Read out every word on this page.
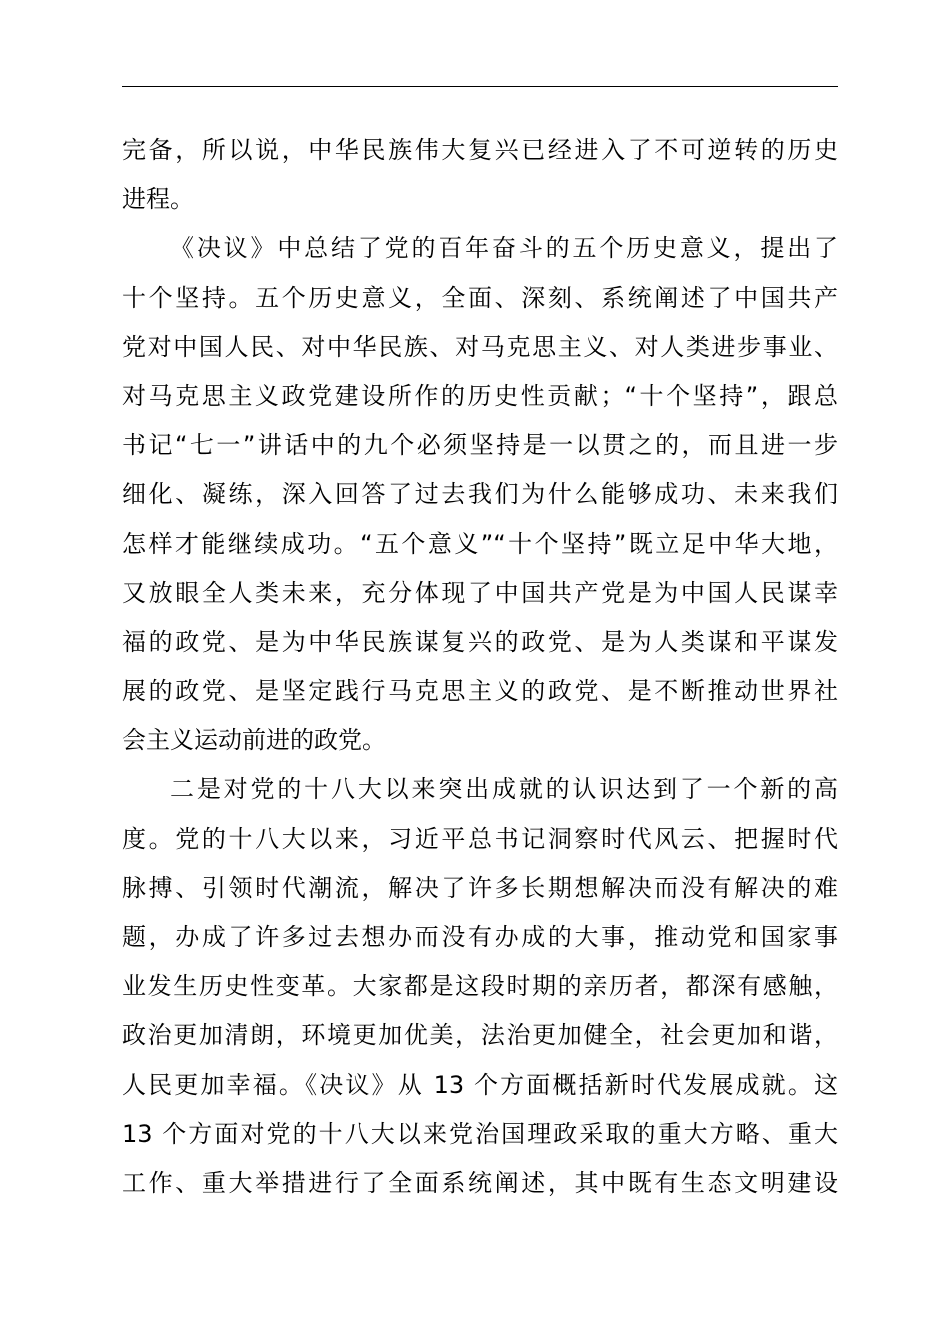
完备，所以说，中华民族伟大复兴已经进入了不可逆转的历史
进程。
《决议》中总结了党的百年奋斗的五个历史意义，提出了
十个坚持。五个历史意义，全面、深刻、系统阐述了中国共产
党对中国人民、对中华民族、对马克思主义、对人类进步事业、
对马克思主义政党建设所作的历史性贡献；“十个坚持”，跟总
书记“七一”讲话中的九个必须坚持是一以贯之的，而且进一步
细化、凝练，深入回答了过去我们为什么能够成功、未来我们
怎样才能继续成功。“五个意义”“十个坚持”既立足中华大地，
又放眼全人类未来，充分体现了中国共产党是为中国人民谋幸
福的政党、是为中华民族谋复兴的政党、是为人类谋和平谋发
展的政党、是坚定践行马克思主义的政党、是不断推动世界社
会主义运动前进的政党。
二是对党的十八大以来突出成就的认识达到了一个新的高
度。党的十八大以来，习近平总书记洞察时代风云、把握时代
脉搏、引领时代潮流，解决了许多长期想解决而没有解决的难
题，办成了许多过去想办而没有办成的大事，推动党和国家事
业发生历史性变革。大家都是这段时期的亲历者，都深有感触，
政治更加清朗，环境更加优美，法治更加健全，社会更加和谐，
人民更加幸福。《决议》从 13 个方面概括新时代发展成就。这
13 个方面对党的十八大以来党治国理政采取的重大方略、重大
工作、重大举措进行了全面系统阐述，其中既有生态文明建设
